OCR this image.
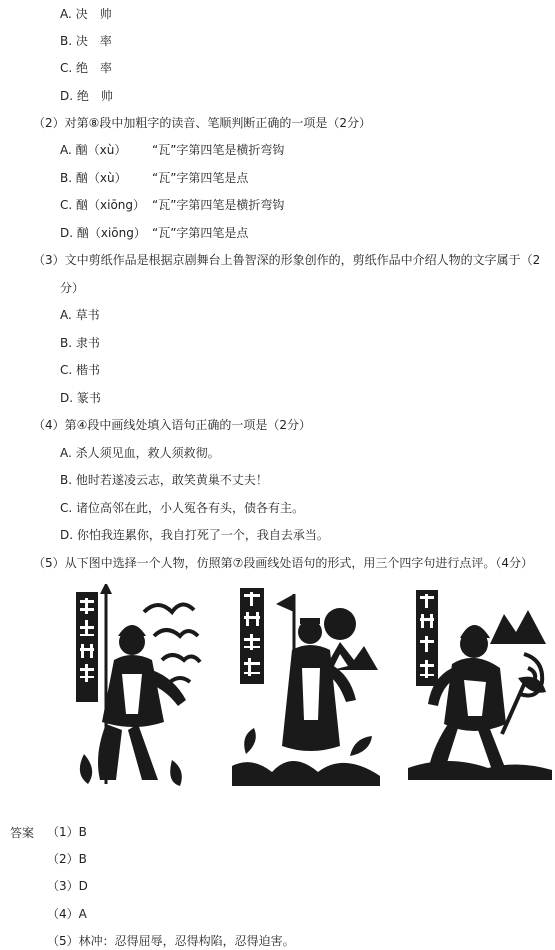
A. 决　帅
B. 决　率
C. 绝　率
D. 绝　帅
（2）对第⑧段中加粗字的读音、笔顺判断正确的一项是（2分）
A. 酗（xù） “瓦”字第四笔是横折弯钩
B. 酗（xù） “瓦”字第四笔是点
C. 酗（xiōng） “瓦”字第四笔是横折弯钩
D. 酗（xiōng） “瓦”字第四笔是点
（3）文中剪纸作品是根据京剧舞台上鲁智深的形象创作的，剪纸作品中介绍人物的文字属于（2
分）
A. 草书
B. 隶书
C. 楷书
D. 篆书
（4）第④段中画线处填入语句正确的一项是（2分）
A. 杀人须见血，救人须救彻。
B. 他时若遂凌云志，敢笑黄巢不丈夫！
C. 诸位高邻在此，小人冤各有头，债各有主。
D. 你怕我连累你，我自打死了一个，我自去承当。
（5）从下图中选择一个人物，仿照第⑦段画线处语句的形式，用三个四字句进行点评。（4分）
答案 （1）B
（2）B
（3）D
（4）A
（5）林冲：忍得屈辱，忍得构陷，忍得迫害。
